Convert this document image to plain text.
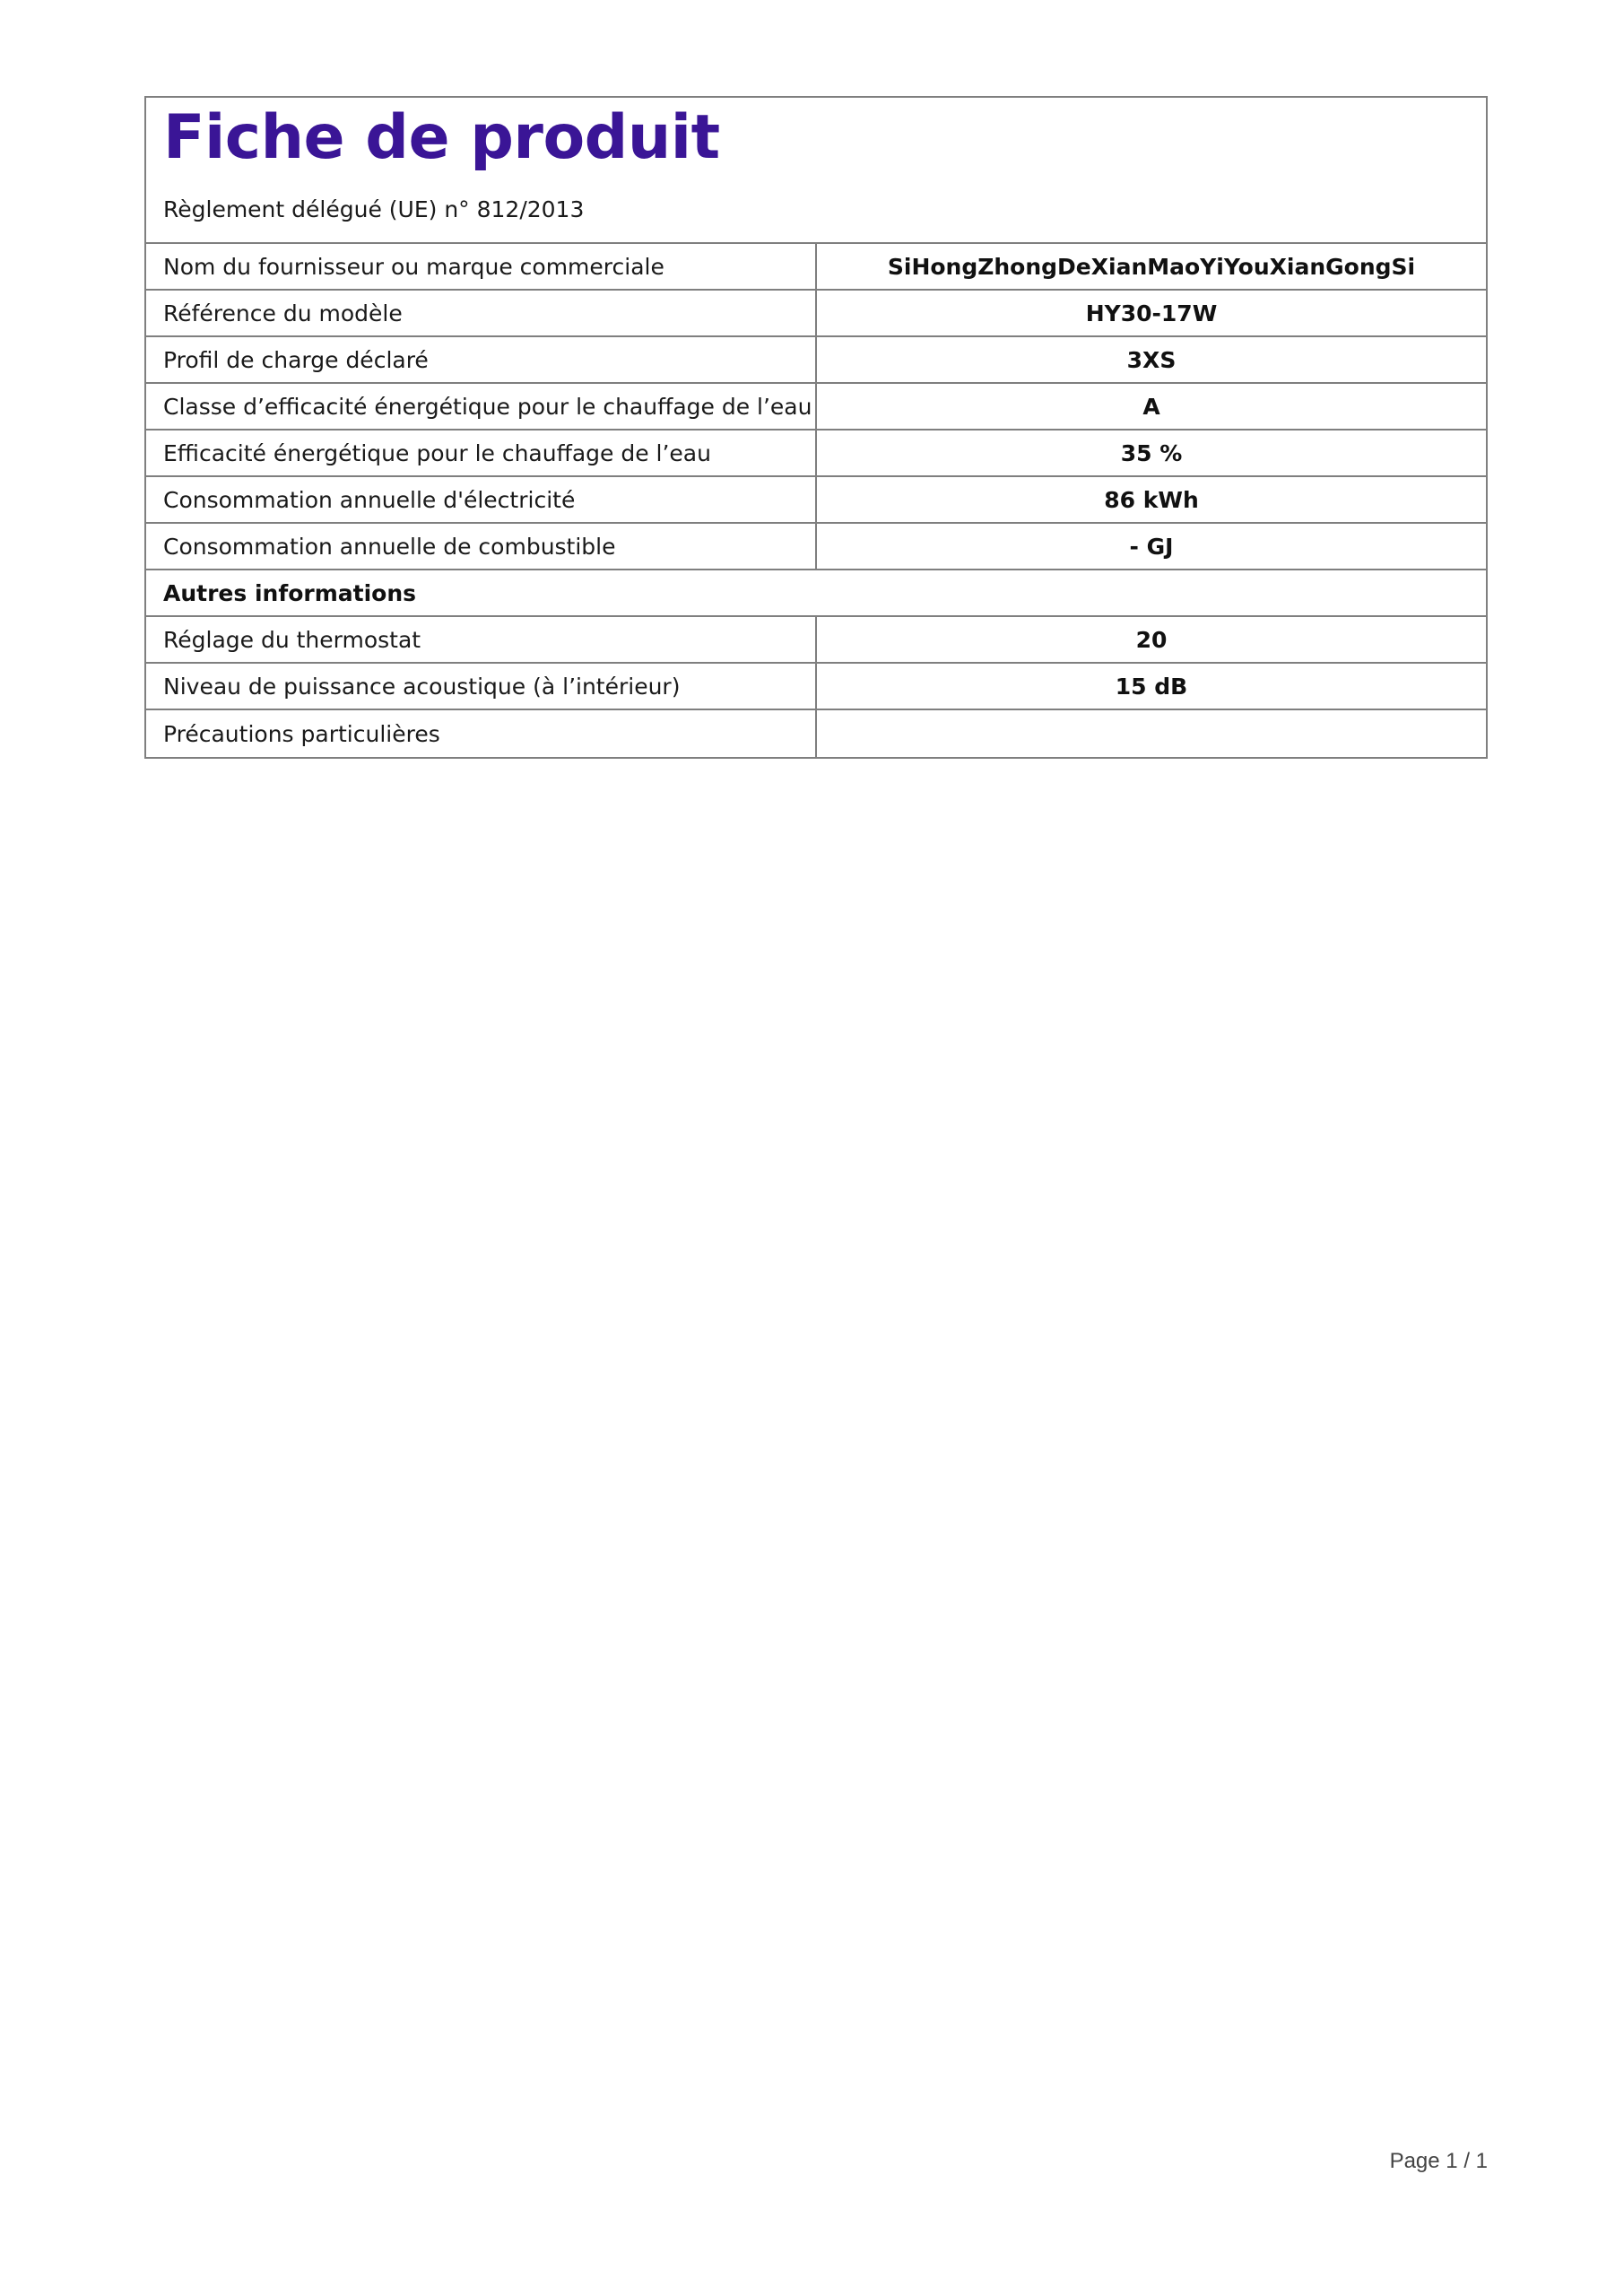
Fiche de produit
Règlement délégué (UE) n° 812/2013
Nom du fournisseur ou marque commerciale	SiHongZhongDeXianMaoYiYouXianGongSi
Référence du modèle	HY30-17W
Profil de charge déclaré	3XS
Classe d’efficacité énergétique pour le chauffage de l’eau	A
Efficacité énergétique pour le chauffage de l’eau	35 %
Consommation annuelle d'électricité	86 kWh
Consommation annuelle de combustible	- GJ
Autres informations
Réglage du thermostat	20
Niveau de puissance acoustique (à l’intérieur)	15 dB
Précautions particulières
Page 1 / 1
